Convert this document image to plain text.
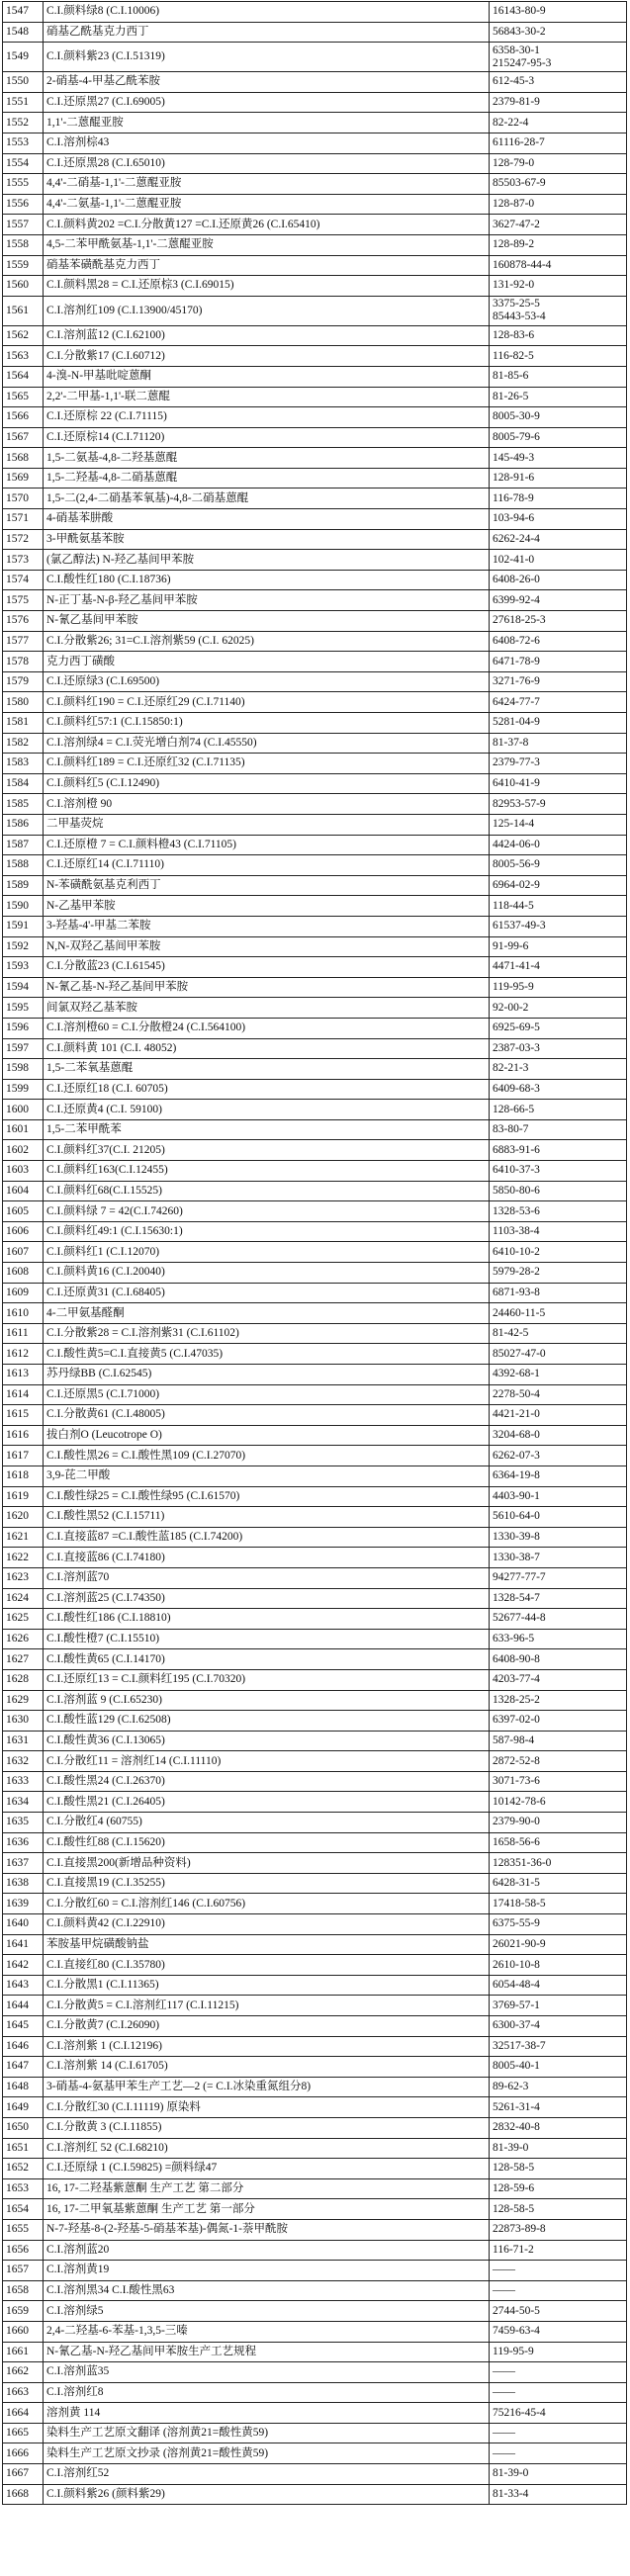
1547	C.I.颜料绿8 (C.I.10006)	16143-80-9

1548	硝基乙酰基克力西丁	56843-30-2

1549	C.I.颜料紫23 (C.I.51319)	6358-30-1
215247-95-3

1550	2-硝基-4-甲基乙酰苯胺	612-45-3

1551	C.I.还原黑27 (C.I.69005)	2379-81-9

1552	1,1'-二蒽醌亚胺	82-22-4

1553	C.I.溶剂棕43	61116-28-7

1554	C.I.还原黑28 (C.I.65010)	128-79-0

1555	4,4'-二硝基-1,1'-二蒽醌亚胺	85503-67-9

1556	4,4'-二氨基-1,1'-二蒽醌亚胺	128-87-0

1557	C.I.颜料黄202 =C.I.分散黄127 =C.I.还原黄26 (C.I.65410)	3627-47-2

1558	4,5-二苯甲酰氨基-1,1'-二蒽醌亚胺	128-89-2

1559	硝基苯磺酰基克力西丁	160878-44-4

1560	C.I.颜料黑28 = C.I.还原棕3 (C.I.69015)	131-92-0

1561	C.I.溶剂红109 (C.I.13900/45170)	3375-25-5
85443-53-4

1562	C.I.溶剂蓝12 (C.I.62100)	128-83-6

1563	C.I.分散紫17 (C.I.60712)	116-82-5

1564	4-溴-N-甲基吡啶蒽酮	81-85-6

1565	2,2'-二甲基-1,1'-联二蒽醌	81-26-5

1566	C.I.还原棕 22 (C.I.71115)	8005-30-9

1567	C.I.还原棕14 (C.I.71120)	8005-79-6

1568	1,5-二氨基-4,8-二羟基蒽醌	145-49-3

1569	1,5-二羟基-4,8-二硝基蒽醌	128-91-6

1570	1,5-二(2,4-二硝基苯氧基)-4,8-二硝基蒽醌	116-78-9

1571	4-硝基苯肼酸	103-94-6

1572	3-甲酰氨基苯胺	6262-24-4

1573	(氯乙醇法) N-羟乙基间甲苯胺	102-41-0

1574	C.I.酸性红180 (C.I.18736)	6408-26-0

1575	N-正丁基-N-β-羟乙基间甲苯胺	6399-92-4

1576	N-氰乙基间甲苯胺	27618-25-3

1577	C.I.分散紫26; 31=C.I.溶剂紫59 (C.I. 62025)	6408-72-6

1578	克力西丁磺酸	6471-78-9

1579	C.I.还原绿3 (C.I.69500)	3271-76-9

1580	C.I.颜料红190 = C.I.还原红29 (C.I.71140)	6424-77-7

1581	C.I.颜料红57:1 (C.I.15850:1)	5281-04-9

1582	C.I.溶剂绿4 = C.I.荧光增白剂74 (C.I.45550)	81-37-8

1583	C.I.颜料红189 = C.I.还原红32 (C.I.71135)	2379-77-3

1584	C.I.颜料红5 (C.I.12490)	6410-41-9

1585	C.I.溶剂橙 90	82953-57-9

1586	二甲基荧烷	125-14-4

1587	C.I.还原橙 7 = C.I.颜料橙43 (C.I.71105)	4424-06-0

1588	C.I.还原红14 (C.I.71110)	8005-56-9

1589	N-苯磺酰氨基克利西丁	6964-02-9

1590	N-乙基甲苯胺	118-44-5

1591	3-羟基-4'-甲基二苯胺	61537-49-3

1592	N,N-双羟乙基间甲苯胺	91-99-6

1593	C.I.分散蓝23 (C.I.61545)	4471-41-4

1594	N-氰乙基-N-羟乙基间甲苯胺	119-95-9

1595	间氯双羟乙基苯胺	92-00-2

1596	C.I.溶剂橙60 = C.I.分散橙24 (C.I.564100)	6925-69-5

1597	C.I.颜料黄 101 (C.I. 48052)	2387-03-3

1598	1,5-二苯氧基蒽醌	82-21-3

1599	C.I.还原红18 (C.I. 60705)	6409-68-3

1600	C.I.还原黄4 (C.I. 59100)	128-66-5

1601	1,5-二苯甲酰苯	83-80-7

1602	C.I.颜料红37(C.I. 21205)	6883-91-6

1603	C.I.颜料红163(C.I.12455)	6410-37-3

1604	C.I.颜料红68(C.I.15525)	5850-80-6

1605	C.I.颜料绿 7 = 42(C.I.74260)	1328-53-6

1606	C.I.颜料红49:1 (C.I.15630:1)	1103-38-4

1607	C.I.颜料红1 (C.I.12070)	6410-10-2

1608	C.I.颜料黄16 (C.I.20040)	5979-28-2

1609	C.I.还原黄31 (C.I.68405)	6871-93-8

1610	4-二甲氨基醛酮	24460-11-5

1611	C.I.分散紫28 = C.I.溶剂紫31 (C.I.61102)	81-42-5

1612	C.I.酸性黄5=C.I.直接黄5 (C.I.47035)	85027-47-0

1613	苏丹绿BB (C.I.62545)	4392-68-1

1614	C.I.还原黑5 (C.I.71000)	2278-50-4

1615	C.I.分散黄61 (C.I.48005)	4421-21-0

1616	拔白剂O (Leucotrope O)	3204-68-0

1617	C.I.酸性黑26 = C.I.酸性黑109 (C.I.27070)	6262-07-3

1618	3,9-芘二甲酸	6364-19-8

1619	C.I.酸性绿25 = C.I.酸性绿95 (C.I.61570)	4403-90-1

1620	C.I.酸性黑52 (C.I.15711)	5610-64-0

1621	C.I.直接蓝87 =C.I.酸性蓝185 (C.I.74200)	1330-39-8

1622	C.I.直接蓝86 (C.I.74180)	1330-38-7

1623	C.I.溶剂蓝70	94277-77-7

1624	C.I.溶剂蓝25 (C.I.74350)	1328-54-7

1625	C.I.酸性红186 (C.I.18810)	52677-44-8

1626	C.I.酸性橙7 (C.I.15510)	633-96-5

1627	C.I.酸性黄65 (C.I.14170)	6408-90-8

1628	C.I.还原红13 = C.I.颜料红195 (C.I.70320)	4203-77-4

1629	C.I.溶剂蓝 9 (C.I.65230)	1328-25-2

1630	C.I.酸性蓝129 (C.I.62508)	6397-02-0

1631	C.I.酸性黄36 (C.I.13065)	587-98-4

1632	C.I.分散红11 = 溶剂红14 (C.I.11110)	2872-52-8

1633	C.I.酸性黑24 (C.I.26370)	3071-73-6

1634	C.I.酸性黑21 (C.I.26405)	10142-78-6

1635	C.I.分散红4 (60755)	2379-90-0

1636	C.I.酸性红88 (C.I.15620)	1658-56-6

1637	C.I.直接黑200(新增品种资料)	128351-36-0

1638	C.I.直接黑19 (C.I.35255)	6428-31-5

1639	C.I.分散红60 = C.I.溶剂红146 (C.I.60756)	17418-58-5

1640	C.I.颜料黄42 (C.I.22910)	6375-55-9

1641	苯胺基甲烷磺酸钠盐	26021-90-9

1642	C.I.直接红80 (C.I.35780)	2610-10-8

1643	C.I.分散黑1 (C.I.11365)	6054-48-4

1644	C.I.分散黄5 = C.I.溶剂红117 (C.I.11215)	3769-57-1

1645	C.I.分散黄7 (C.I.26090)	6300-37-4

1646	C.I.溶剂紫 1 (C.I.12196)	32517-38-7

1647	C.I.溶剂紫 14 (C.I.61705)	8005-40-1

1648	3-硝基-4-氨基甲苯生产工艺—2 (= C.I.冰染重氮组分8)	89-62-3

1649	C.I.分散红30 (C.I.11119) 原染料	5261-31-4

1650	C.I.分散黄 3 (C.I.11855)	2832-40-8

1651	C.I.溶剂红 52 (C.I.68210)	81-39-0

1652	C.I.还原绿 1 (C.I.59825) =颜料绿47	128-58-5

1653	16, 17-二羟基紫蒽酮 生产工艺 第二部分	128-59-6

1654	16, 17-二甲氧基紫蒽酮 生产工艺 第一部分	128-58-5

1655	N-7-羟基-8-(2-羟基-5-硝基苯基)-偶氮-1-萘甲酰胺	22873-89-8

1656	C.I.溶剂蓝20	116-71-2

1657	C.I.溶剂黄19	——

1658	C.I.溶剂黑34 C.I.酸性黑63	——

1659	C.I.溶剂绿5	2744-50-5

1660	2,4-二羟基-6-苯基-1,3,5-三嗪	7459-63-4

1661	N-氰乙基-N-羟乙基间甲苯胺生产工艺规程	119-95-9

1662	C.I.溶剂蓝35	——

1663	C.I.溶剂红8	——

1664	溶剂黄 114	75216-45-4

1665	染料生产工艺原文翻译 (溶剂黄21=酸性黄59)	——

1666	染料生产工艺原文抄录 (溶剂黄21=酸性黄59)	——

1667	C.I.溶剂红52	81-39-0

1668	C.I.颜料紫26 (颜料紫29)	81-33-4
